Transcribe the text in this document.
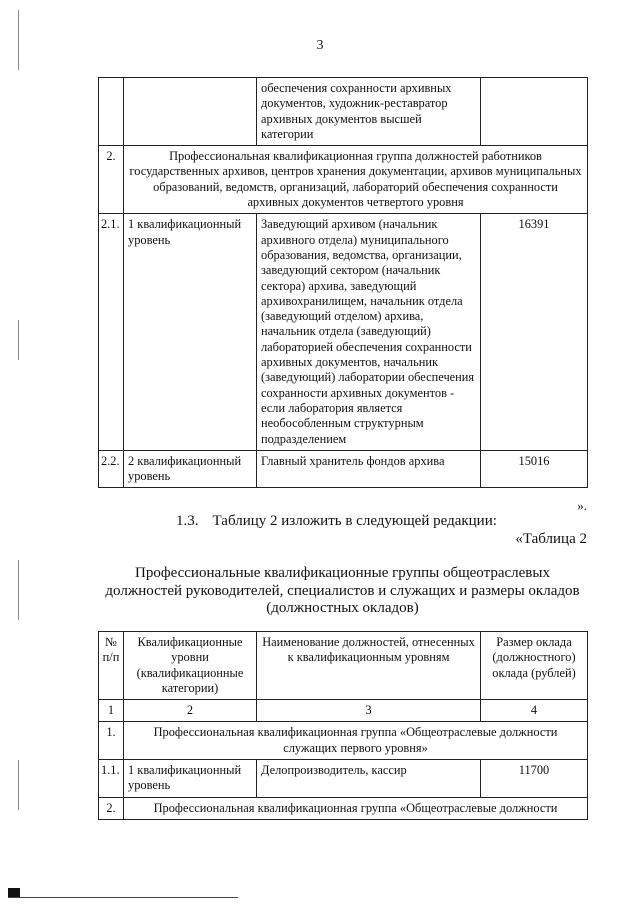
3
		обеспечения сохранности архивных документов, художник-реставратор архивных документов высшей категории	
2.	Профессиональная квалификационная группа должностей работников государственных архивов, центров хранения документации, архивов муниципальных образований, ведомств, организаций, лабораторий обеспечения сохранности архивных документов четвертого уровня		
2.1.	1 квалификационный уровень	Заведующий архивом (начальник архивного отдела) муниципального образования, ведомства, организации, заведующий сектором (начальник сектора) архива, заведующий архивохранилищем, начальник отдела (заведующий отделом) архива, начальник отдела (заведующий) лабораторией обеспечения сохранности архивных документов, начальник (заведующий) лаборатории обеспечения сохранности архивных документов - если лаборатория является необособленным структурным подразделением	16391
2.2.	2 квалификационный уровень	Главный хранитель фондов архива	15016
».
1.3. Таблицу 2 изложить в следующей редакции:
«Таблица 2
Профессиональные квалификационные группы общеотраслевых должностей руководителей, специалистов и служащих и размеры окладов (должностных окладов)
№ п/п	Квалификационные уровни (квалификационные категории)	Наименование должностей, отнесенных к квалификационным уровням	Размер оклада (должностного) оклада (рублей)
1	2	3	4
1.	Профессиональная квалификационная группа «Общеотраслевые должности служащих первого уровня»		
1.1.	1 квалификационный уровень	Делопроизводитель, кассир	11700
2.	Профессиональная квалификационная группа «Общеотраслевые должности		
